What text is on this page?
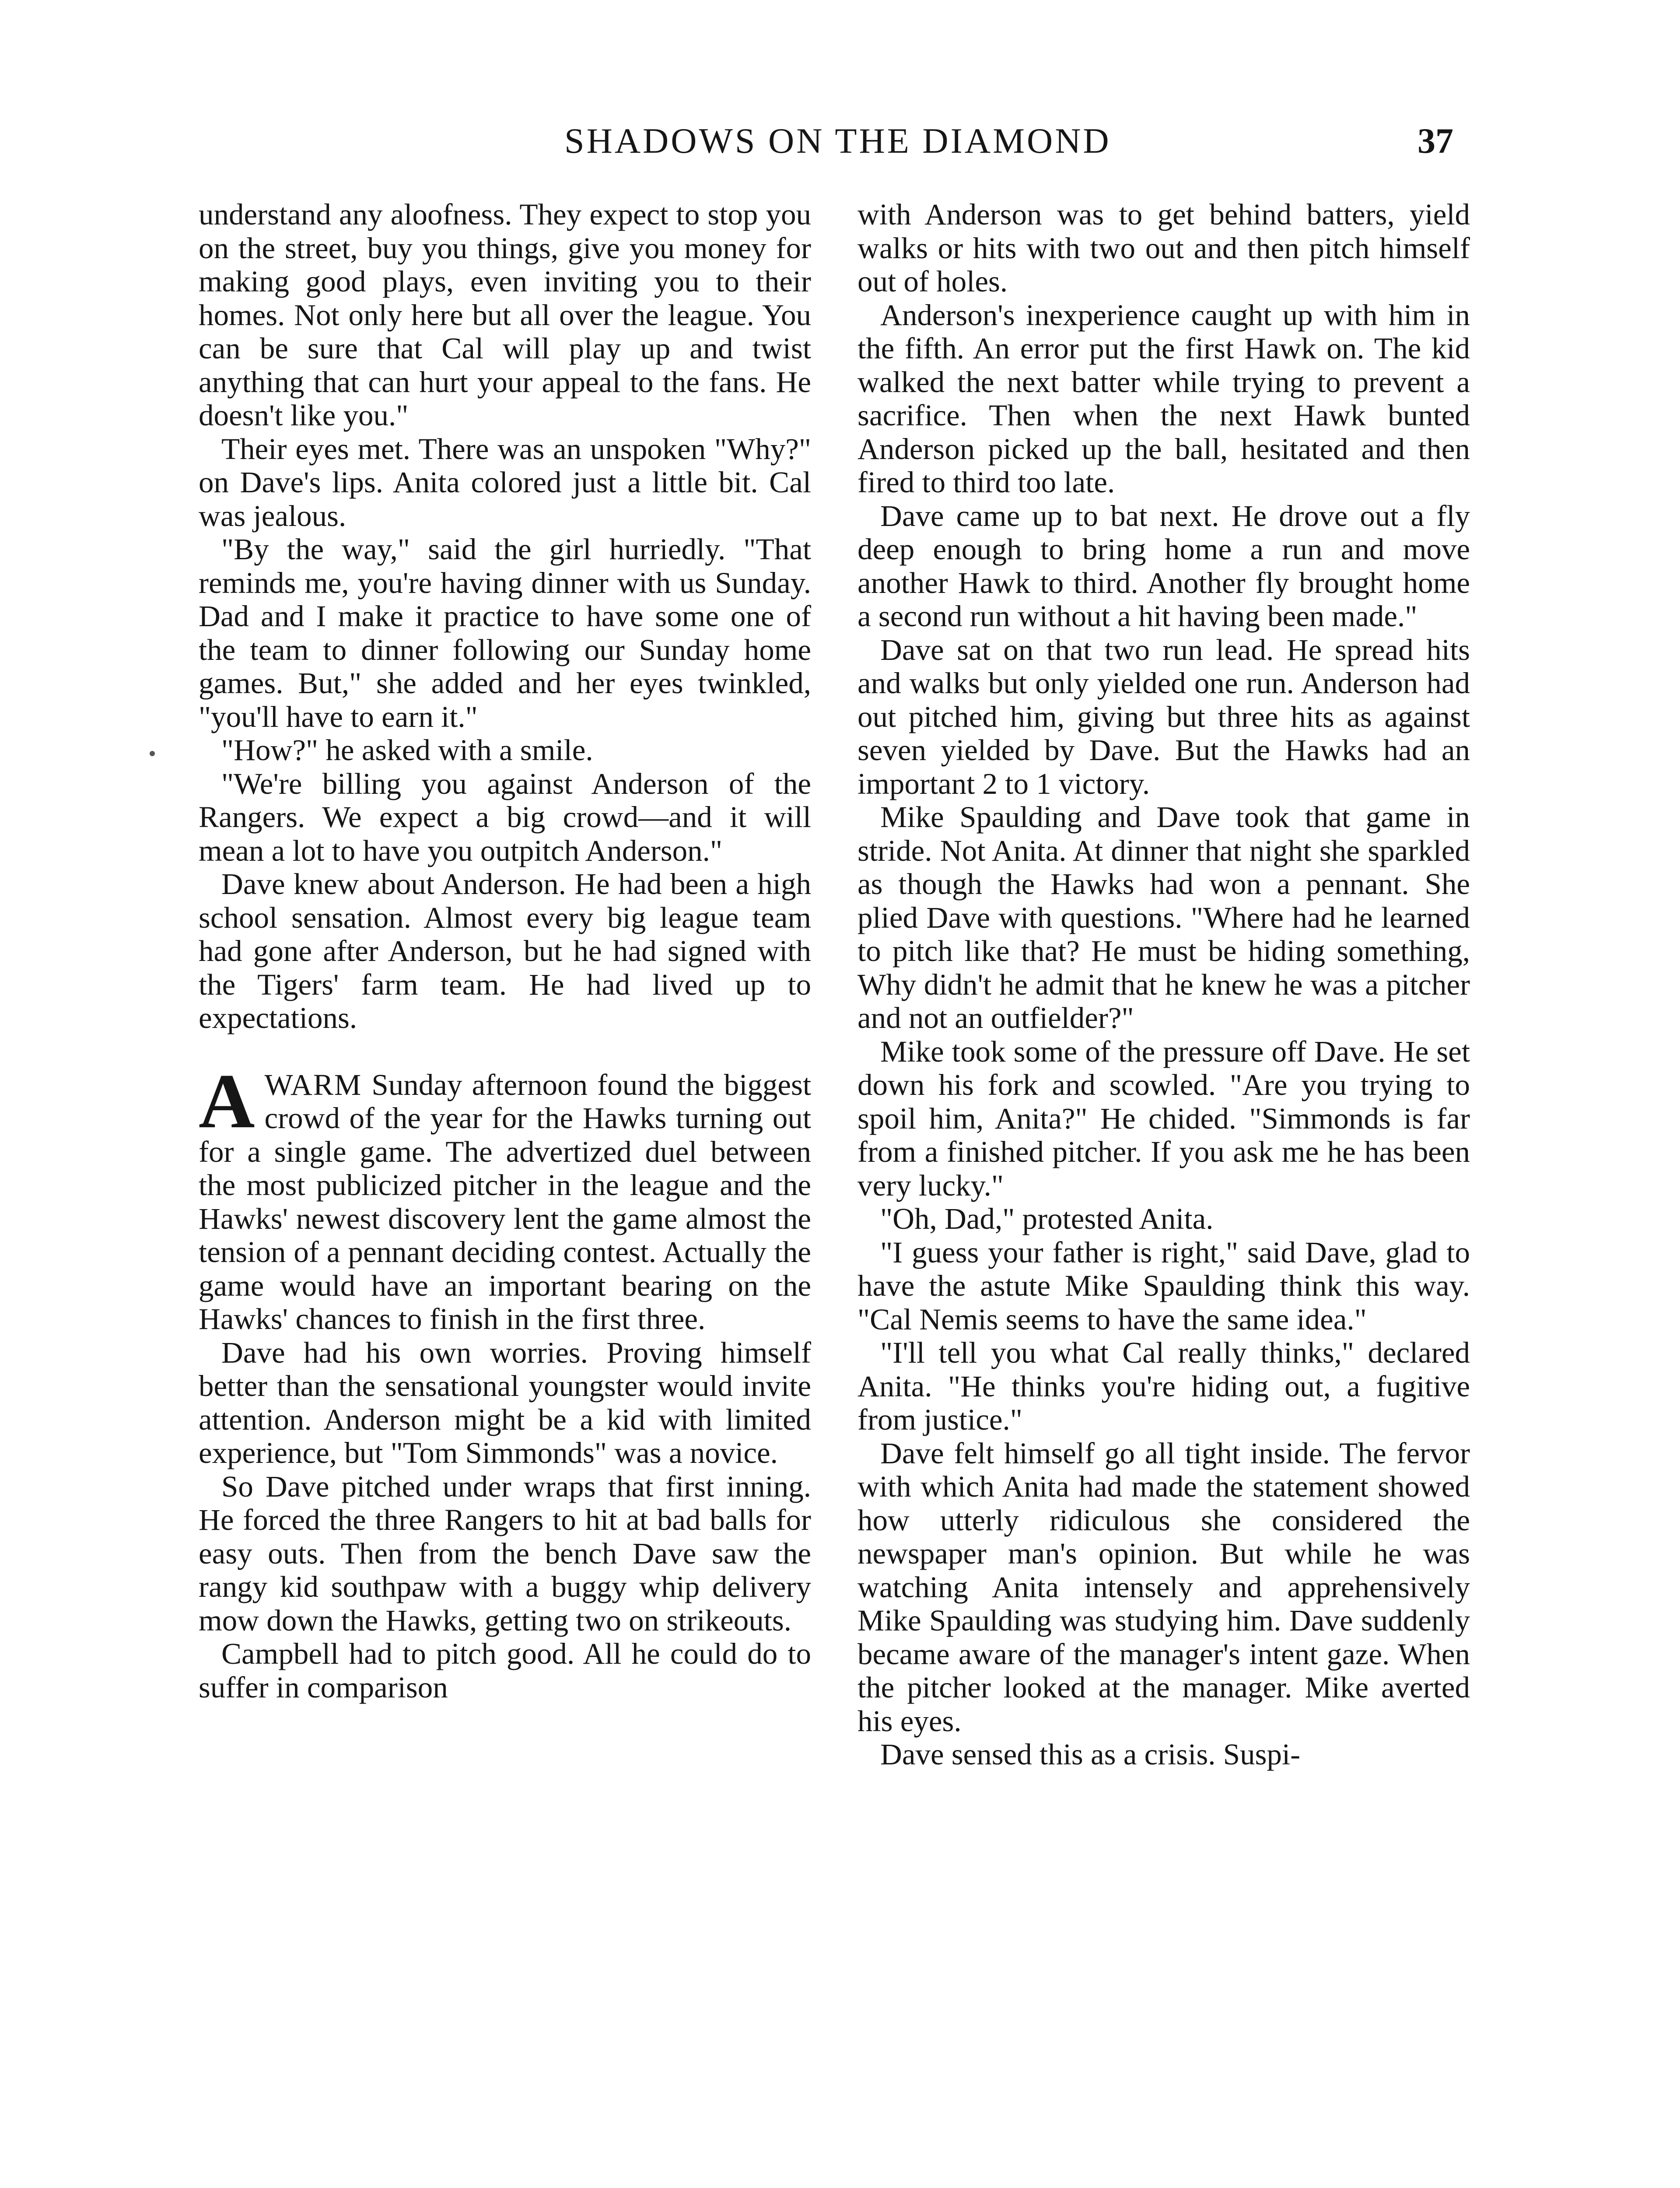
SHADOWS ON THE DIAMOND	37

understand any aloofness. They expect to stop you on the street, buy you things, give you money for making good plays, even inviting you to their homes. Not only here but all over the league. You can be sure that Cal will play up and twist anything that can hurt your appeal to the fans. He doesn't like you."

Their eyes met. There was an unspoken "Why?" on Dave's lips. Anita colored just a little bit. Cal was jealous.

"By the way," said the girl hurriedly. "That reminds me, you're having dinner with us Sunday. Dad and I make it practice to have some one of the team to dinner following our Sunday home games. But," she added and her eyes twinkled, "you'll have to earn it."

"How?" he asked with a smile.

"We're billing you against Anderson of the Rangers. We expect a big crowd—and it will mean a lot to have you outpitch Anderson."

Dave knew about Anderson. He had been a high school sensation. Almost every big league team had gone after Anderson, but he had signed with the Tigers' farm team. He had lived up to expectations.

AWARM Sunday afternoon found the biggest crowd of the year for the Hawks turning out for a single game. The advertized duel between the most publicized pitcher in the league and the Hawks' newest discovery lent the game almost the tension of a pennant deciding contest. Actually the game would have an important bearing on the Hawks' chances to finish in the first three.

Dave had his own worries. Proving himself better than the sensational youngster would invite attention. Anderson might be a kid with limited experience, but "Tom Simmonds" was a novice.

So Dave pitched under wraps that first inning. He forced the three Rangers to hit at bad balls for easy outs. Then from the bench Dave saw the rangy kid southpaw with a buggy whip delivery mow down the Hawks, getting two on strikeouts.

Campbell had to pitch good. All he could do to suffer in comparison

with Anderson was to get behind batters, yield walks or hits with two out and then pitch himself out of holes.

Anderson's inexperience caught up with him in the fifth. An error put the first Hawk on. The kid walked the next batter while trying to prevent a sacrifice. Then when the next Hawk bunted Anderson picked up the ball, hesitated and then fired to third too late.

Dave came up to bat next. He drove out a fly deep enough to bring home a run and move another Hawk to third. Another fly brought home a second run without a hit having been made."

Dave sat on that two run lead. He spread hits and walks but only yielded one run. Anderson had out pitched him, giving but three hits as against seven yielded by Dave. But the Hawks had an important 2 to 1 victory.

Mike Spaulding and Dave took that game in stride. Not Anita. At dinner that night she sparkled as though the Hawks had won a pennant. She plied Dave with questions. "Where had he learned to pitch like that? He must be hiding something, Why didn't he admit that he knew he was a pitcher and not an outfielder?"

Mike took some of the pressure off Dave. He set down his fork and scowled. "Are you trying to spoil him, Anita?" He chided. "Simmonds is far from a finished pitcher. If you ask me he has been very lucky."

"Oh, Dad," protested Anita.

"I guess your father is right," said Dave, glad to have the astute Mike Spaulding think this way. "Cal Nemis seems to have the same idea."

"I'll tell you what Cal really thinks," declared Anita. "He thinks you're hiding out, a fugitive from justice."

Dave felt himself go all tight inside. The fervor with which Anita had made the statement showed how utterly ridiculous she considered the newspaper man's opinion. But while he was watching Anita intensely and apprehensively Mike Spaulding was studying him. Dave suddenly became aware of the manager's intent gaze. When the pitcher looked at the manager. Mike averted his eyes.

Dave sensed this as a crisis. Suspi-
